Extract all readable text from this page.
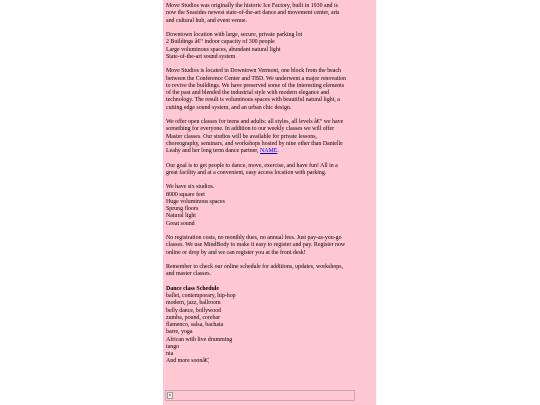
Move Studios was originally the historic Ice Factory, built in 1930 and is
now the Seasides newest state-of-the-art dance and movement center, arts
and cultural hub, and event venue.

Downtown location with large, secure, private parking lot
2 Buildings â€“ indoor capacity of 300 people
Large voluminous spaces, abundant natural light
State-of-the-art sound system

Move Studios is located in Downtown Vermont, one block from the beach
between the Conference Center and TBD. We underwent a major renovation
to revive the buildings. We have preserved some of the interesting elements
of the past and blended the industrial style with modern elegance and
technology. The result is voluminous spaces with beautiful natural light, a
cutting edge sound system, and an urban chic design.

We offer open classes for teens and adults: all styles, all levels â€“ we have
something for everyone. In addition to our weekly classes we will offer
Master classes. Our studios will be available for private lessons,
choreography, seminars, and workshops hosted by nine other than Danielle
Leahy and her long term dance partner, NAME.

Our goal is to get people to dance, move, exercise, and have fun! All in a
great facility and at a convenient, easy access location with parking.

We have six studios.
8000 square feet
Huge voluminous spaces
Sprung floors
Natural light
Great sound

No registration costs, no monthly dues, no annual fees. Just pay-as-you-go
classes. We use MindBody to make it easy to register and pay. Register now
online or drop by and we can register you at the front desk!

Remember to check our online schedule for additions, updates, workshops,
and master classes.

Dance class Schedule
ballet, contemporary, hip-hop
modern, jazz, ballroom
belly dance, bollywood
zumba, pound, corebar
flamenco, salsa, bachata
barre, yoga
African with live drumming
tango
nia
And more soonâ€¦
